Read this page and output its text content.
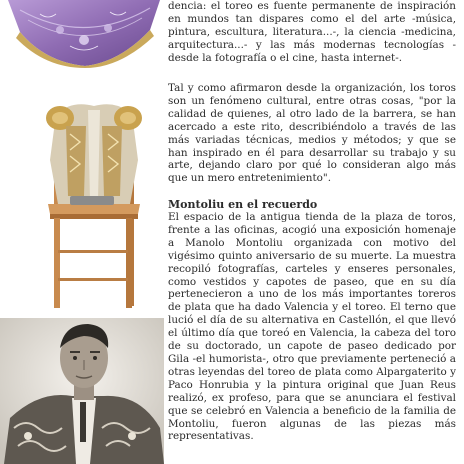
dencia: el toreo es fuente permanente de inspiración en mundos tan dispares como el del arte -música, pintura, escultura, literatura...-, la ciencia -medicina, arquitectura...- y las más modernas tecnologías -desde la fotografía o el cine, hasta internet-.

Tal y como afirmaron desde la organización, los toros son un fenómeno cultural, entre otras cosas, "por la calidad de quienes, al otro lado de la barrera, se han acercado a este rito, describiéndolo a través de las más variadas técnicas, medios y métodos; y que se han inspirado en él para desarrollar su trabajo y su arte, dejando claro por qué lo consideran algo más que un mero entretenimiento".

Montoliu en el recuerdo

El espacio de la antigua tienda de la plaza de toros, frente a las oficinas, acogió una exposición homenaje a Manolo Montoliu organizada con motivo del vigésimo quinto aniversario de su muerte. La muestra recopiló fotografías, carteles y enseres personales, como vestidos y capotes de paseo, que en su día pertenecieron a uno de los más importantes toreros de plata que ha dado Valencia y el toreo. El terno que lució el día de su alternativa en Castellón, el que llevó el último día que toreó en Valencia, la cabeza del toro de su doctorado, un capote de paseo dedicado por Gila -el humorista-, otro que previamente perteneció a otras leyendas del toreo de plata como Alpargaterito y Paco Honrubia y la pintura original que Juan Reus realizó, ex profeso, para que se anunciara el festival que se celebró en Valencia a beneficio de la familia de Montoliu, fueron algunas de las piezas más representativas.
